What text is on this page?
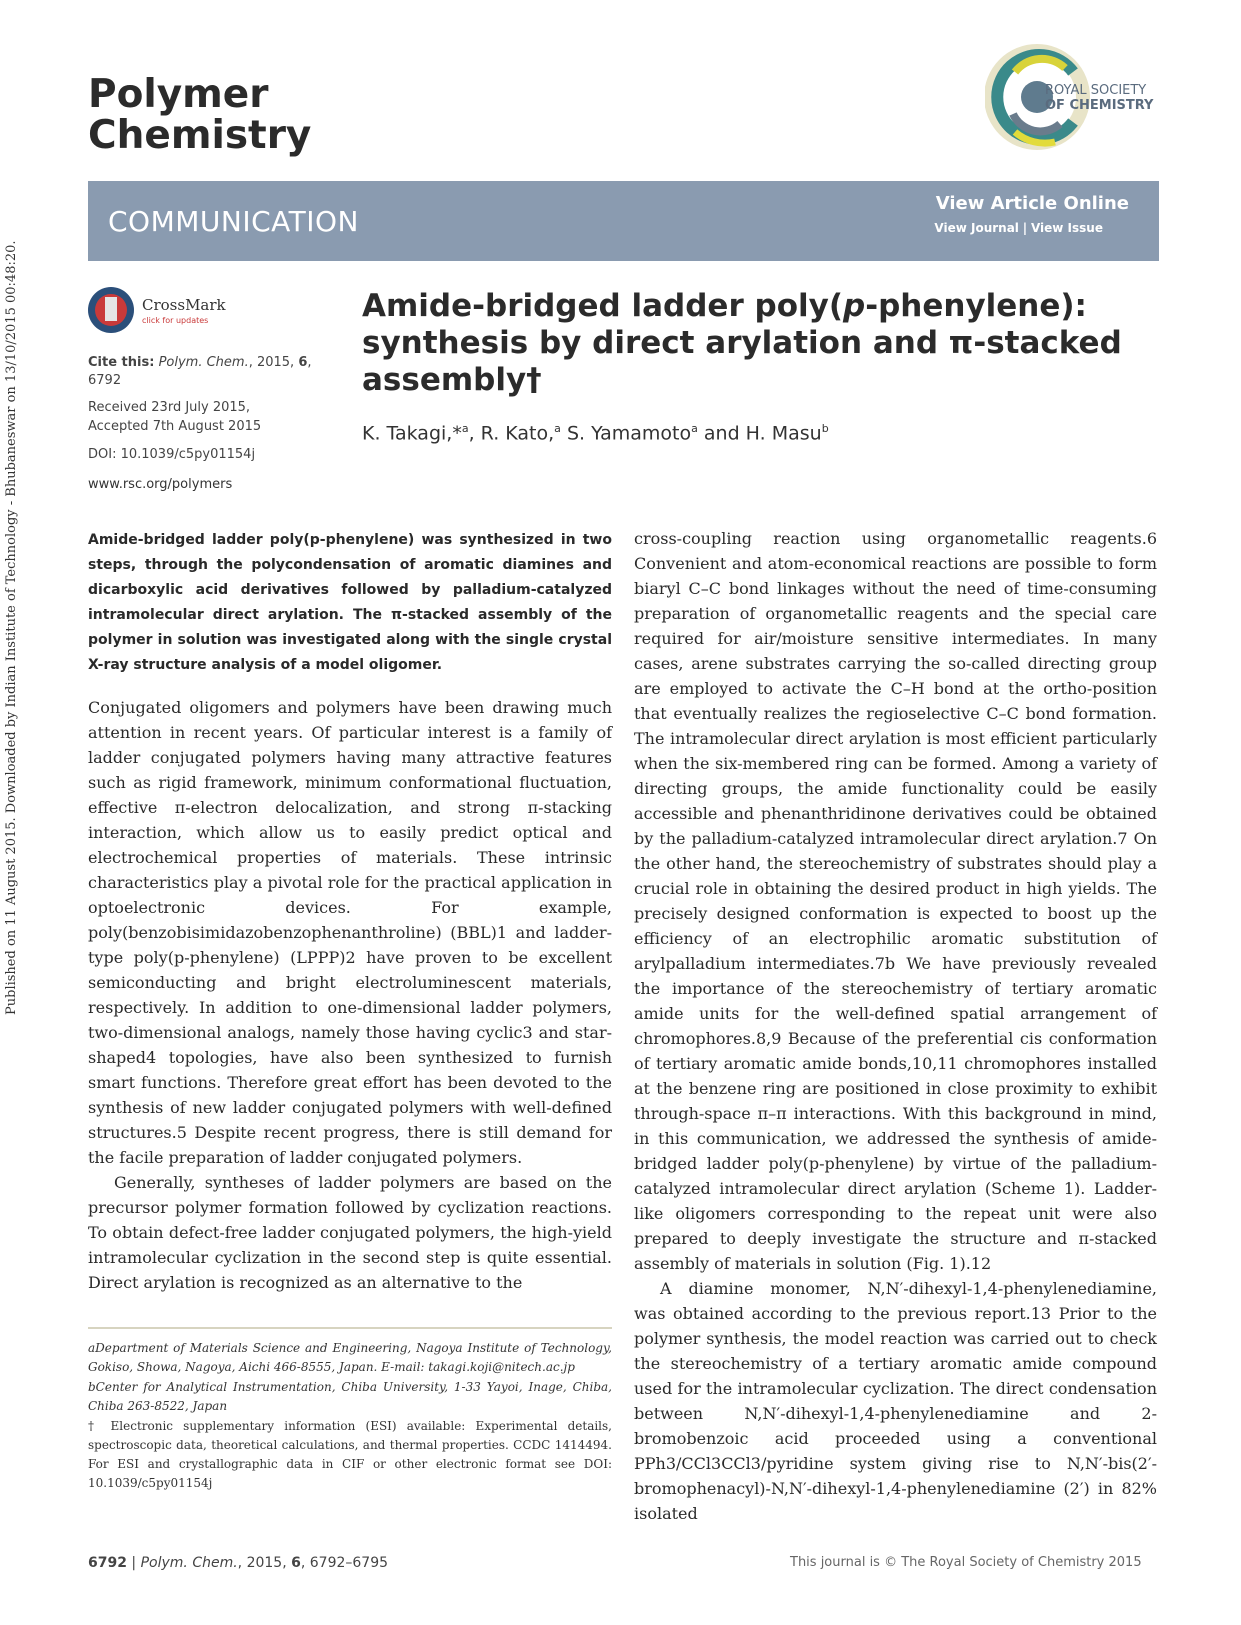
Published on 11 August 2015. Downloaded by Indian Institute of Technology - Bhubaneswar on 13/10/2015 00:48:20.
Polymer
Chemistry
ROYAL SOCIETY
OF CHEMISTRY
COMMUNICATION
View Article Online
View Journal | View Issue
CrossMark
click for updates
Cite this: Polym. Chem., 2015, 6, 6792
Received 23rd July 2015,
Accepted 7th August 2015
DOI: 10.1039/c5py01154j
www.rsc.org/polymers
Amide-bridged ladder poly(p-phenylene): synthesis by direct arylation and π-stacked assembly†
K. Takagi,*$^a$, R. Kato,$^a$ S. Yamamoto$^a$ and H. Masu$^b$
Amide-bridged ladder poly(p-phenylene) was synthesized in two steps, through the polycondensation of aromatic diamines and dicarboxylic acid derivatives followed by palladium-catalyzed intramolecular direct arylation. The π-stacked assembly of the polymer in solution was investigated along with the single crystal X-ray structure analysis of a model oligomer.

Conjugated oligomers and polymers have been drawing much attention in recent years. Of particular interest is a family of ladder conjugated polymers having many attractive features such as rigid framework, minimum conformational fluctuation, effective π-electron delocalization, and strong π-stacking interaction, which allow us to easily predict optical and electrochemical properties of materials. These intrinsic characteristics play a pivotal role for the practical application in optoelectronic devices. For example, poly(benzobisimidazobenzophenanthroline) (BBL)1 and ladder-type poly(p-phenylene) (LPPP)2 have proven to be excellent semiconducting and bright electroluminescent materials, respectively. In addition to one-dimensional ladder polymers, two-dimensional analogs, namely those having cyclic3 and star-shaped4 topologies, have also been synthesized to furnish smart functions. Therefore great effort has been devoted to the synthesis of new ladder conjugated polymers with well-defined structures.5 Despite recent progress, there is still demand for the facile preparation of ladder conjugated polymers.

Generally, syntheses of ladder polymers are based on the precursor polymer formation followed by cyclization reactions. To obtain defect-free ladder conjugated polymers, the high-yield intramolecular cyclization in the second step is quite essential. Direct arylation is recognized as an alternative to the

cross-coupling reaction using organometallic reagents.6 Convenient and atom-economical reactions are possible to form biaryl C–C bond linkages without the need of time-consuming preparation of organometallic reagents and the special care required for air/moisture sensitive intermediates. In many cases, arene substrates carrying the so-called directing group are employed to activate the C–H bond at the ortho-position that eventually realizes the regioselective C–C bond formation. The intramolecular direct arylation is most efficient particularly when the six-membered ring can be formed. Among a variety of directing groups, the amide functionality could be easily accessible and phenanthridinone derivatives could be obtained by the palladium-catalyzed intramolecular direct arylation.7 On the other hand, the stereochemistry of substrates should play a crucial role in obtaining the desired product in high yields. The precisely designed conformation is expected to boost up the efficiency of an electrophilic aromatic substitution of arylpalladium intermediates.7b We have previously revealed the importance of the stereochemistry of tertiary aromatic amide units for the well-defined spatial arrangement of chromophores.8,9 Because of the preferential cis conformation of tertiary aromatic amide bonds,10,11 chromophores installed at the benzene ring are positioned in close proximity to exhibit through-space π–π interactions. With this background in mind, in this communication, we addressed the synthesis of amide-bridged ladder poly(p-phenylene) by virtue of the palladium-catalyzed intramolecular direct arylation (Scheme 1). Ladder-like oligomers corresponding to the repeat unit were also prepared to deeply investigate the structure and π-stacked assembly of materials in solution (Fig. 1).12

A diamine monomer, N,N′-dihexyl-1,4-phenylenediamine, was obtained according to the previous report.13 Prior to the polymer synthesis, the model reaction was carried out to check the stereochemistry of a tertiary aromatic amide compound used for the intramolecular cyclization. The direct condensation between N,N′-dihexyl-1,4-phenylenediamine and 2-bromobenzoic acid proceeded using a conventional PPh3/CCl3CCl3/pyridine system giving rise to N,N′-bis(2′-bromophenacyl)-N,N′-dihexyl-1,4-phenylenediamine (2′) in 82% isolated

aDepartment of Materials Science and Engineering, Nagoya Institute of Technology, Gokiso, Showa, Nagoya, Aichi 466-8555, Japan. E-mail: takagi.koji@nitech.ac.jp

bCenter for Analytical Instrumentation, Chiba University, 1-33 Yayoi, Inage, Chiba, Chiba 263-8522, Japan

† Electronic supplementary information (ESI) available: Experimental details, spectroscopic data, theoretical calculations, and thermal properties. CCDC 1414494. For ESI and crystallographic data in CIF or other electronic format see DOI: 10.1039/c5py01154j

6792 | Polym. Chem., 2015, 6, 6792–6795	This journal is © The Royal Society of Chemistry 2015
